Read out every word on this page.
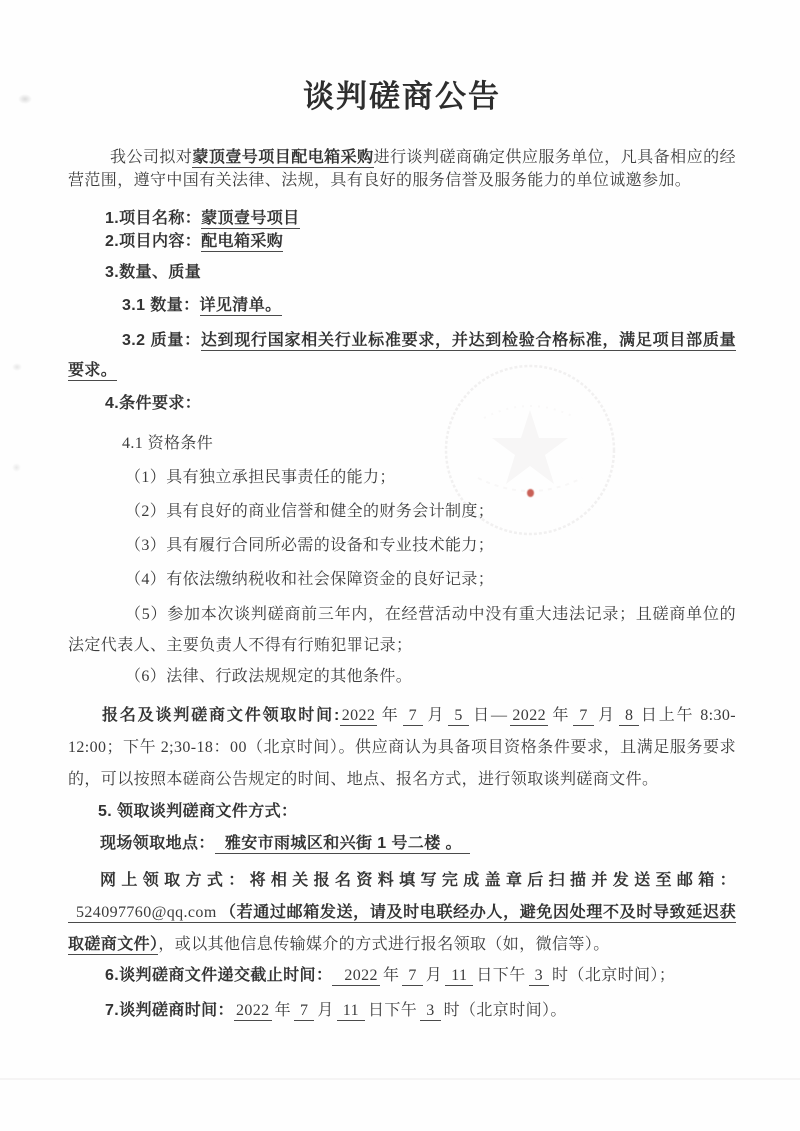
谈判磋商公告

我公司拟对蒙顶壹号项目配电箱采购进行谈判磋商确定供应服务单位，凡具备相应的经营范围，遵守中国有关法律、法规，具有良好的服务信誉及服务能力的单位诚邀参加。

1.项目名称：蒙顶壹号项目

2.项目内容：配电箱采购

3.数量、质量

3.1 数量：详见清单。

3.2 质量：达到现行国家相关行业标准要求，并达到检验合格标准，满足项目部质量要求。

4.条件要求：

4.1 资格条件

（1）具有独立承担民事责任的能力；

（2）具有良好的商业信誉和健全的财务会计制度；

（3）具有履行合同所必需的设备和专业技术能力；

（4）有依法缴纳税收和社会保障资金的良好记录；

（5）参加本次谈判磋商前三年内，在经营活动中没有重大违法记录；且磋商单位的法定代表人、主要负责人不得有行贿犯罪记录；

（6）法律、行政法规规定的其他条件。

报名及谈判磋商文件领取时间: 2022 年 7 月 5 日— 2022 年 7 月 8 日上午 8:30-12:00；下午 2;30-18：00（北京时间）。供应商认为具备项目资格条件要求，且满足服务要求的，可以按照本磋商公告规定的时间、地点、报名方式，进行领取谈判磋商文件。

5. 领取谈判磋商文件方式：

现场领取地点： 雅安市雨城区和兴街 1 号二楼 。

网上领取方式：将相关报名资料填写完成盖章后扫描并发送至邮箱：524097760@qq.com （若通过邮箱发送，请及时电联经办人，避免因处理不及时导致延迟获取磋商文件），或以其他信息传输媒介的方式进行报名领取（如，微信等）。

6.谈判磋商文件递交截止时间： 2022 年 7 月 11 日下午 3 时（北京时间）；

7.谈判磋商时间： 2022 年 7 月 11 日下午 3 时（北京时间）。
